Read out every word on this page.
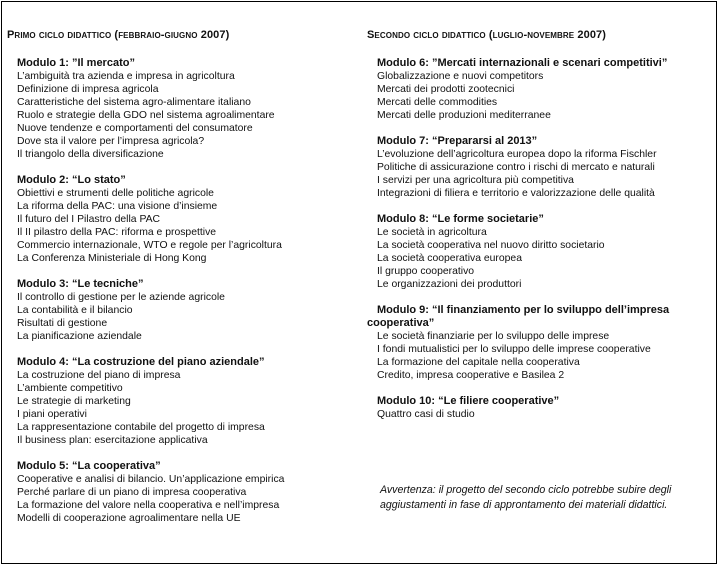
Primo ciclo didattico (febbraio-giugno 2007)
Modulo 1: ”Il mercato”
L’ambiguità tra azienda e impresa in agricoltura
Definizione di impresa agricola
Caratteristiche del sistema agro-alimentare italiano
Ruolo e strategie della GDO nel sistema agroalimentare
Nuove tendenze e comportamenti del consumatore
Dove sta il valore per l’impresa agricola?
Il triangolo della diversificazione
Modulo 2: “Lo stato”
Obiettivi e strumenti delle politiche agricole
La riforma della PAC: una visione d’insieme
Il futuro del I Pilastro della PAC
Il II pilastro della PAC: riforma e prospettive
Commercio internazionale, WTO e regole per l’agricoltura
La Conferenza Ministeriale di Hong Kong
Modulo 3: “Le tecniche”
Il controllo di gestione per le aziende agricole
La contabilità e il bilancio
Risultati di gestione
La pianificazione aziendale
Modulo 4: “La costruzione del piano aziendale”
La costruzione del piano di impresa
L’ambiente competitivo
Le strategie di marketing
I piani operativi
La rappresentazione contabile del progetto di impresa
Il business plan: esercitazione applicativa
Modulo 5: “La cooperativa”
Cooperative e analisi di bilancio. Un’applicazione empirica
Perché parlare di un piano di impresa cooperativa
La formazione del valore nella cooperativa e nell’impresa
Modelli di cooperazione agroalimentare nella UE
Secondo ciclo didattico (luglio-novembre 2007)
Modulo 6: ”Mercati internazionali e scenari competitivi”
Globalizzazione e nuovi competitors
Mercati dei prodotti zootecnici
Mercati delle commodities
Mercati delle produzioni mediterranee
Modulo 7: “Prepararsi al 2013”
L’evoluzione dell’agricoltura europea dopo la riforma Fischler
Politiche di assicurazione contro i rischi di mercato e naturali
I servizi per una agricoltura più competitiva
Integrazioni di filiera e territorio e valorizzazione delle qualità
Modulo 8: “Le forme societarie”
Le società in agricoltura
La società cooperativa nel nuovo diritto societario
La società cooperativa europea
Il gruppo cooperativo
Le organizzazioni dei produttori
Modulo 9: “Il finanziamento per lo sviluppo dell’impresa cooperativa”
Le società finanziarie per lo sviluppo delle imprese
I fondi mutualistici per lo sviluppo delle imprese cooperative
La formazione del capitale nella cooperativa
Credito, impresa cooperative e Basilea 2
Modulo 10: “Le filiere cooperative”
Quattro casi di studio
Avvertenza: il progetto del secondo ciclo potrebbe subire degli aggiustamenti in fase di approntamento dei materiali didattici.
